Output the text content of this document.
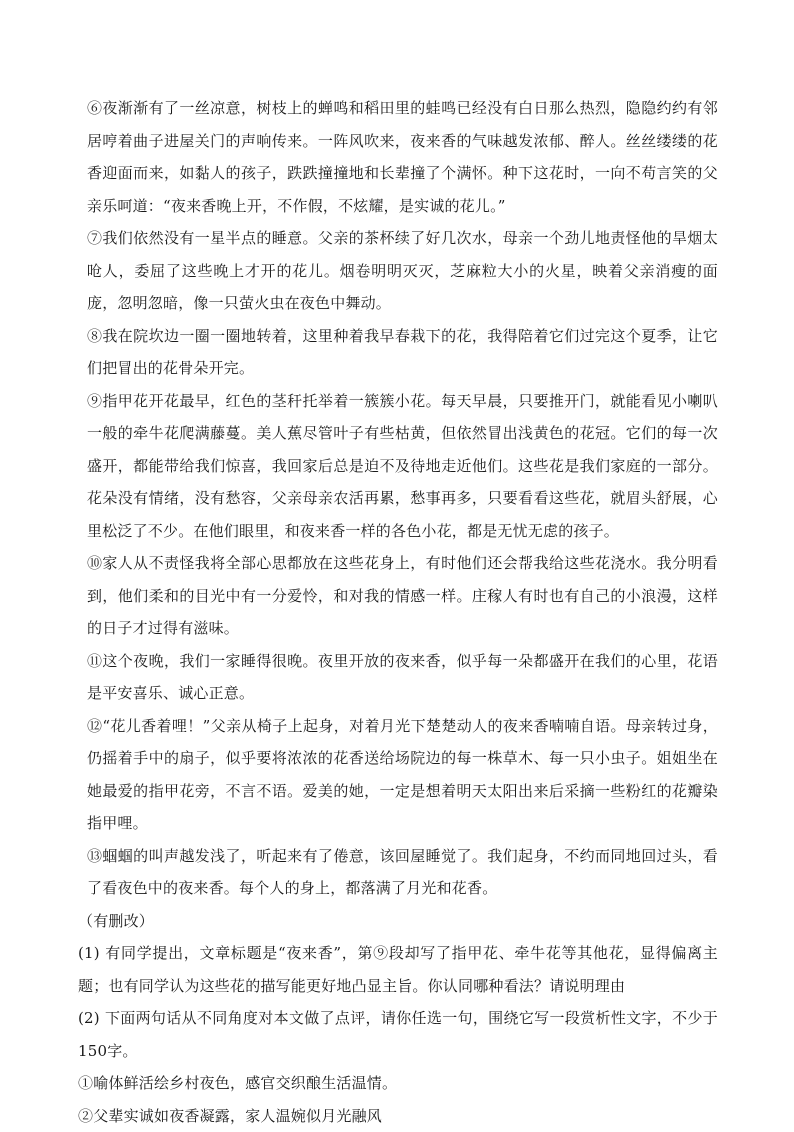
⑥夜渐渐有了一丝凉意，树枝上的蝉鸣和稻田里的蛙鸣已经没有白日那么热烈，隐隐约约有邻居哼着曲子进屋关门的声响传来。一阵风吹来，夜来香的气味越发浓郁、醉人。丝丝缕缕的花香迎面而来，如黏人的孩子，跌跌撞撞地和长辈撞了个满怀。种下这花时，一向不苟言笑的父亲乐呵道：“夜来香晚上开，不作假，不炫耀，是实诚的花儿。”

⑦我们依然没有一星半点的睡意。父亲的茶杯续了好几次水，母亲一个劲儿地责怪他的旱烟太呛人，委屈了这些晚上才开的花儿。烟卷明明灭灭，芝麻粒大小的火星，映着父亲消瘦的面庞，忽明忽暗，像一只萤火虫在夜色中舞动。

⑧我在院坎边一圈一圈地转着，这里种着我早春栽下的花，我得陪着它们过完这个夏季，让它们把冒出的花骨朵开完。

⑨指甲花开花最早，红色的茎秆托举着一簇簇小花。每天早晨，只要推开门，就能看见小喇叭一般的牵牛花爬满藤蔓。美人蕉尽管叶子有些枯黄，但依然冒出浅黄色的花冠。它们的每一次盛开，都能带给我们惊喜，我回家后总是迫不及待地走近他们。这些花是我们家庭的一部分。花朵没有情绪，没有愁容，父亲母亲农活再累，愁事再多，只要看看这些花，就眉头舒展，心里松泛了不少。在他们眼里，和夜来香一样的各色小花，都是无忧无虑的孩子。

⑩家人从不责怪我将全部心思都放在这些花身上，有时他们还会帮我给这些花浇水。我分明看到，他们柔和的目光中有一分爱怜，和对我的情感一样。庄稼人有时也有自己的小浪漫，这样的日子才过得有滋味。

⑪这个夜晚，我们一家睡得很晚。夜里开放的夜来香，似乎每一朵都盛开在我们的心里，花语是平安喜乐、诚心正意。

⑫“花儿香着哩！”父亲从椅子上起身，对着月光下楚楚动人的夜来香喃喃自语。母亲转过身，仍摇着手中的扇子，似乎要将浓浓的花香送给场院边的每一株草木、每一只小虫子。姐姐坐在她最爱的指甲花旁，不言不语。爱美的她，一定是想着明天太阳出来后采摘一些粉红的花瓣染指甲哩。

⑬蝈蝈的叫声越发浅了，听起来有了倦意，该回屋睡觉了。我们起身，不约而同地回过头，看了看夜色中的夜来香。每个人的身上，都落满了月光和花香。

（有删改）

(1) 有同学提出，文章标题是“夜来香”，第⑨段却写了指甲花、牵牛花等其他花，显得偏离主题；也有同学认为这些花的描写能更好地凸显主旨。你认同哪种看法？请说明理由

(2) 下面两句话从不同角度对本文做了点评，请你任选一句，围绕它写一段赏析性文字，不少于 150字。

①喻体鲜活绘乡村夜色，感官交织酿生活温情。

②父辈实诚如夜香凝露，家人温婉似月光融风
